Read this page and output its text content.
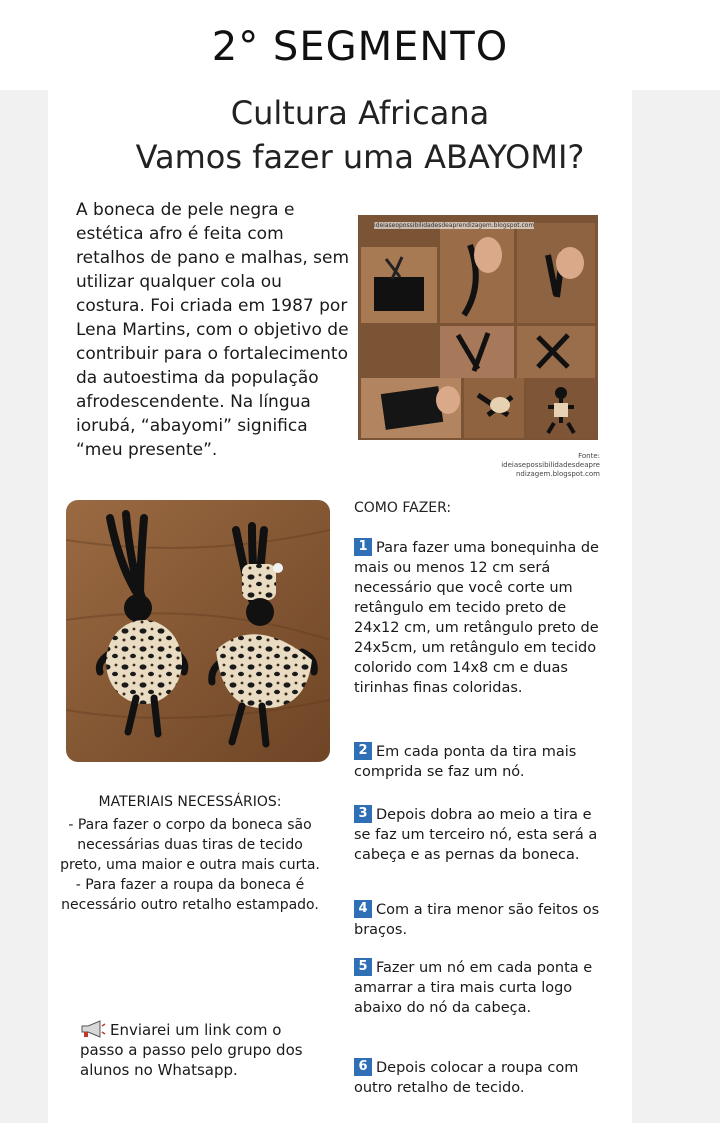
2° SEGMENTO
Cultura Africana
Vamos fazer uma ABAYOMI?

A boneca de pele negra e estética afro é feita com retalhos de pano e malhas, sem utilizar qualquer cola ou costura. Foi criada em 1987 por Lena Martins, com o objetivo de contribuir para o fortalecimento da autoestima da população afrodescendente. Na língua iorubá, “abayomi” significa “meu presente”.

ideiaseopossibilidadesdeaprendizagem.blogspot.com
Fonte:
ideiasepossibilidadesdeapre
ndizagem.blogspot.com
COMO FAZER:

1 Para fazer uma bonequinha de mais ou menos 12 cm será necessário que você corte um retângulo em tecido preto de 24x12 cm, um retângulo preto de 24x5cm, um retângulo em tecido colorido com 14x8 cm e duas tirinhas finas coloridas.

2 Em cada ponta da tira mais comprida se faz um nó.

3 Depois dobra ao meio a tira e se faz um terceiro nó, esta será a cabeça e as pernas da boneca.

4 Com a tira menor são feitos os braços.

5 Fazer um nó em cada ponta e amarrar a tira mais curta logo abaixo do nó da cabeça.

6 Depois colocar a roupa com outro retalho de tecido.

MATERIAIS NECESSÁRIOS:

- Para fazer o corpo da boneca são necessárias duas tiras de tecido preto, uma maior e outra mais curta. - Para fazer a roupa da boneca é necessário outro retalho estampado.

Enviarei um link com o passo a passo pelo grupo dos alunos no Whatsapp.
